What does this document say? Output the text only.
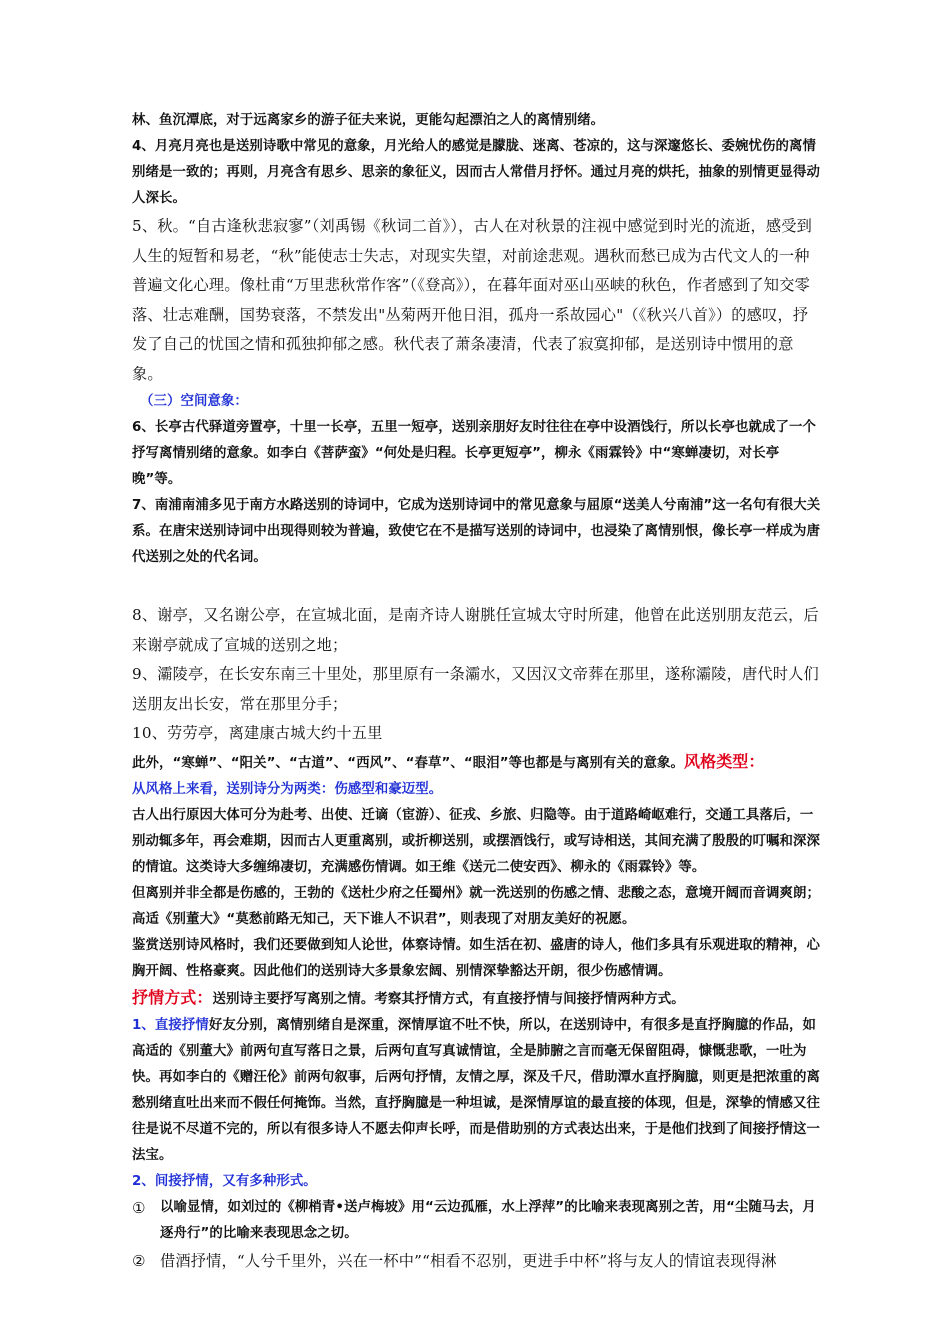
林、鱼沉潭底，对于远离家乡的游子征夫来说，更能勾起漂泊之人的离情别绪。

4、月亮月亮也是送别诗歌中常见的意象，月光给人的感觉是朦胧、迷离、苍凉的，这与深邃悠长、委婉忧伤的离情别绪是一致的；再则，月亮含有思乡、思亲的象征义，因而古人常借月抒怀。通过月亮的烘托，抽象的别情更显得动人深长。

5、秋。“自古逢秋悲寂寥”（刘禹锡《秋词二首》），古人在对秋景的注视中感觉到时光的流逝，感受到人生的短暂和易老，“秋”能使志士失志，对现实失望，对前途悲观。遇秋而愁已成为古代文人的一种普遍文化心理。像杜甫“万里悲秋常作客”（《登高》），在暮年面对巫山巫峡的秋色，作者感到了知交零落、壮志难酬，国势衰落，不禁发出"丛菊两开他日泪，孤舟一系故园心"（《秋兴八首》）的感叹，抒发了自己的忧国之情和孤独抑郁之感。秋代表了萧条凄清，代表了寂寞抑郁，是送别诗中惯用的意象。

（三）空间意象：

6、长亭古代驿道旁置亭，十里一长亭，五里一短亭，送别亲朋好友时往往在亭中设酒饯行，所以长亭也就成了一个抒写离情别绪的意象。如李白《菩萨蛮》“何处是归程。长亭更短亭”，柳永《雨霖铃》中“寒蝉凄切，对长亭晚”等。

7、南浦南浦多见于南方水路送别的诗词中，它成为送别诗词中的常见意象与屈原“送美人兮南浦”这一名句有很大关系。在唐宋送别诗词中出现得则较为普遍，致使它在不是描写送别的诗词中，也浸染了离情别恨，像长亭一样成为唐代送别之处的代名词。

8、谢亭，又名谢公亭，在宣城北面，是南齐诗人谢朓任宣城太守时所建，他曾在此送别朋友范云，后来谢亭就成了宣城的送别之地；

9、灞陵亭，在长安东南三十里处，那里原有一条灞水，又因汉文帝葬在那里，遂称灞陵，唐代时人们送朋友出长安，常在那里分手；

10、劳劳亭，离建康古城大约十五里

此外，“寒蝉”、“阳关”、“古道”、“西风”、“春草”、“眼泪”等也都是与离别有关的意象。风格类型：

从风格上来看，送别诗分为两类：伤感型和豪迈型。

古人出行原因大体可分为赴考、出使、迁谪（宦游）、征戎、乡旅、归隐等。由于道路崎岖难行，交通工具落后，一别动辄多年，再会难期，因而古人更重离别，或折柳送别，或摆酒饯行，或写诗相送，其间充满了殷殷的叮嘱和深深的情谊。这类诗大多缠绵凄切，充满感伤情调。如王维《送元二使安西》、柳永的《雨霖铃》等。

但离别并非全都是伤感的，王勃的《送杜少府之任蜀州》就一洗送别的伤感之情、悲酸之态，意境开阔而音调爽朗；高适《别董大》“莫愁前路无知己，天下谁人不识君”，则表现了对朋友美好的祝愿。

鉴赏送别诗风格时，我们还要做到知人论世，体察诗情。如生活在初、盛唐的诗人，他们多具有乐观进取的精神，心胸开阔、性格豪爽。因此他们的送别诗大多景象宏阔、别情深挚豁达开朗，很少伤感情调。

抒情方式：送别诗主要抒写离别之情。考察其抒情方式，有直接抒情与间接抒情两种方式。

1、直接抒情好友分别，离情别绪自是深重，深情厚谊不吐不快，所以，在送别诗中，有很多是直抒胸臆的作品，如高适的《别董大》前两句直写落日之景，后两句直写真诚情谊，全是肺腑之言而毫无保留阻碍，慷慨悲歌，一吐为快。再如李白的《赠汪伦》前两句叙事，后两句抒情，友情之厚，深及千尺，借助潭水直抒胸臆，则更是把浓重的离愁别绪直吐出来而不假任何掩饰。当然，直抒胸臆是一种坦诚，是深情厚谊的最直接的体现，但是，深挚的情感又往往是说不尽道不完的，所以有很多诗人不愿去仰声长呼，而是借助别的方式表达出来，于是他们找到了间接抒情这一法宝。

2、间接抒情，又有多种形式。

① 以喻显情，如刘过的《柳梢青•送卢梅坡》用“云边孤雁，水上浮萍”的比喻来表现离别之苦，用“尘随马去，月逐舟行”的比喻来表现思念之切。

② 借酒抒情，“人兮千里外，兴在一杯中”“相看不忍别，更进手中杯”将与友人的情谊表现得淋
